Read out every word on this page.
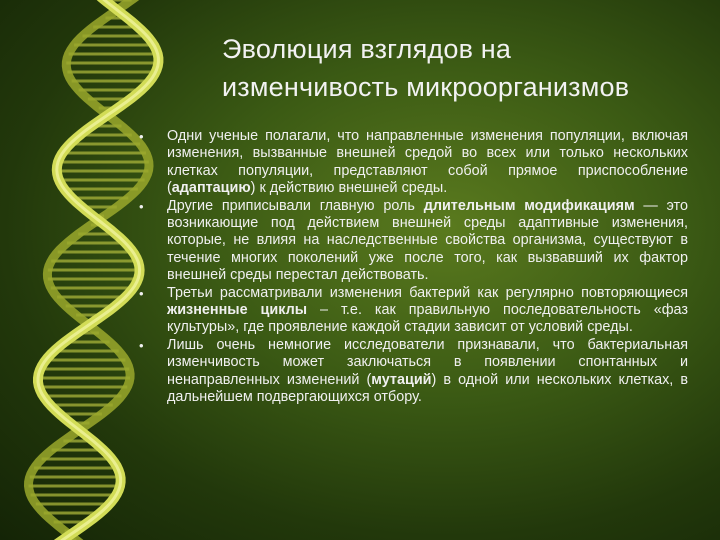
Эволюция взглядов на
изменчивость микроорганизмов
• Одни ученые полагали, что направленные изменения популяции, включая изменения, вызванные внешней средой во всех или только нескольких клетках популяции, представляют собой прямое приспособление (адаптацию) к действию внешней среды.
• Другие приписывали главную роль длительным модификациям — это возникающие под действием внешней среды адаптивные изменения, которые, не влияя на наследственные свойства организма, существуют в течение многих поколений уже после того, как вызвавший их фактор внешней среды перестал действовать.
• Третьи рассматривали изменения бактерий как регулярно повторяющиеся жизненные циклы – т.е. как правильную последовательность «фаз культуры», где проявление каждой стадии зависит от условий среды.
• Лишь очень немногие исследователи признавали, что бактериальная изменчивость может заключаться в появлении спонтанных и ненаправленных изменений (мутаций) в одной или нескольких клетках, в дальнейшем подвергающихся отбору.
